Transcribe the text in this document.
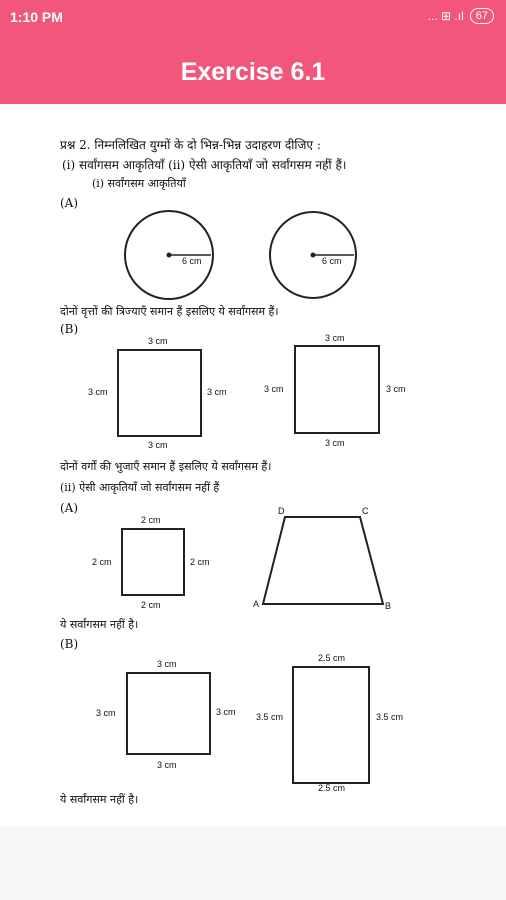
1:10 PM	... ⊞ .ıl	67
Exercise 6.1
प्रश्न 2. निम्नलिखित युग्मों के दो भिन्न-भिन्न उदाहरण दीजिए :
(i) सर्वांगसम आकृतियाँ (ii) ऐसी आकृतियाँ जो सर्वांगसम नहीं हैं।
(i) सर्वांगसम आकृतियाँ
(A)
6 cm	6 cm
दोनों वृत्तों की त्रिज्याएँ समान हैं इसलिए ये सर्वांगसम हैं।
(B)
3 cm
3 cm	3 cm
3 cm
3 cm
3 cm	3 cm
3 cm
दोनों वर्गों की भुजाएँ समान हैं इसलिए ये सर्वांगसम हैं।
(ii) ऐसी आकृतियाँ जो सर्वांगसम नहीं हैं
(A)
2 cm
2 cm	2 cm
2 cm
D	C
A	B
ये सर्वांगसम नहीं है।
(B)
3 cm
3 cm	3 cm
3 cm
2.5 cm
3.5 cm	3.5 cm
2.5 cm
ये सर्वांगसम नहीं है।
